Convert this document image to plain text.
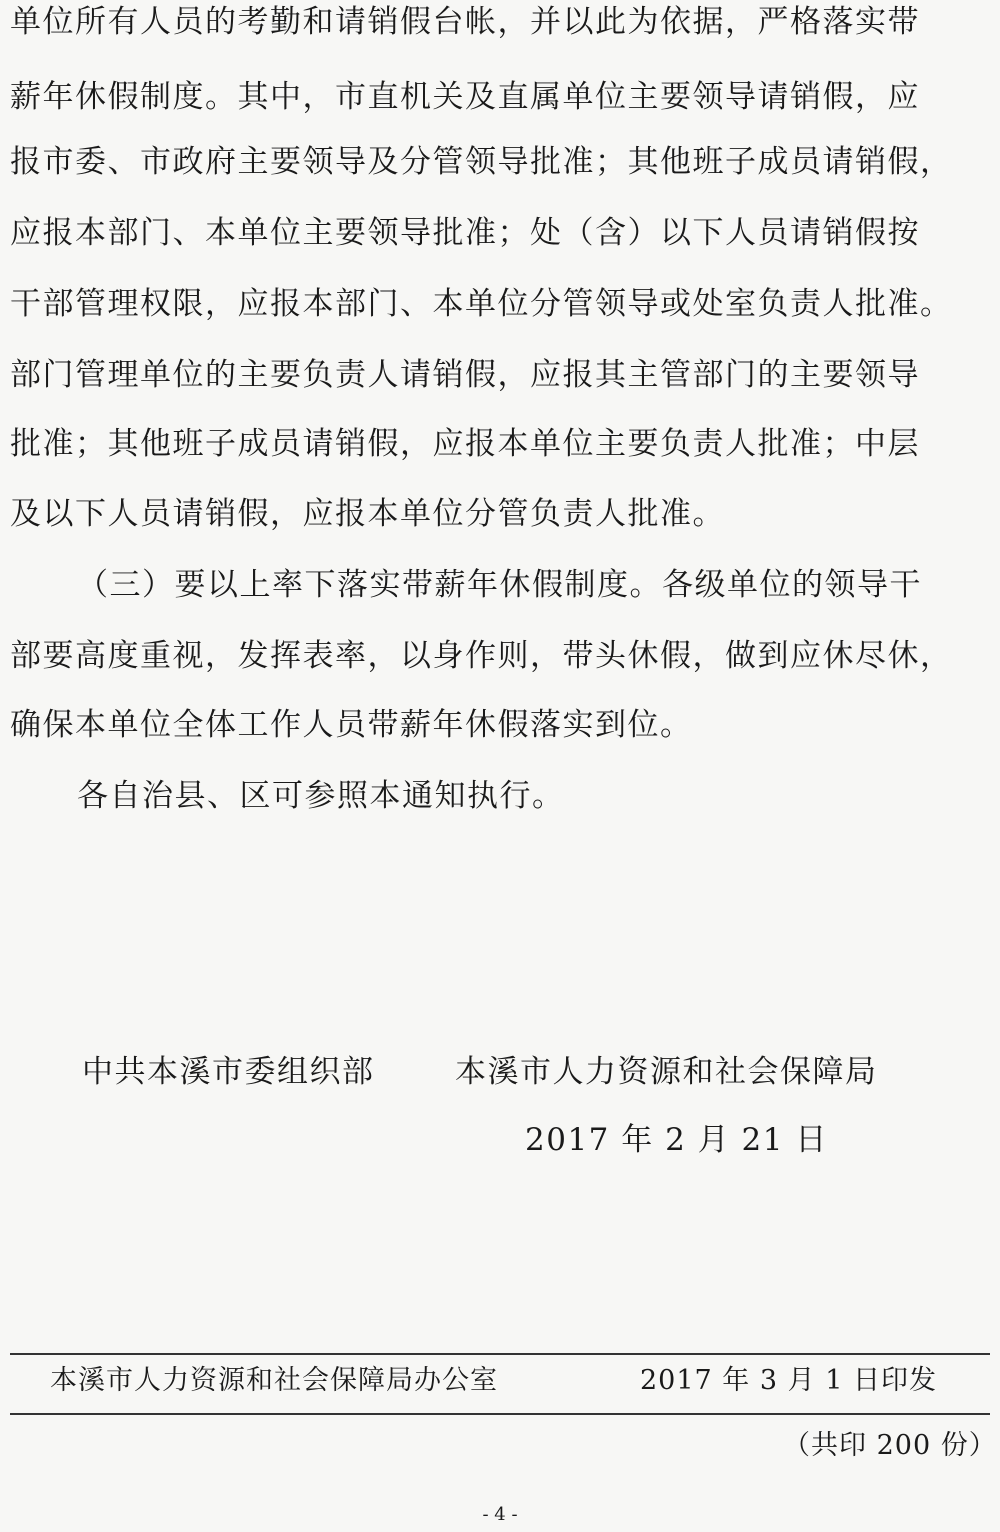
单位所有人员的考勤和请销假台帐，并以此为依据，严格落实带
薪年休假制度。其中，市直机关及直属单位主要领导请销假，应
报市委、市政府主要领导及分管领导批准；其他班子成员请销假，
应报本部门、本单位主要领导批准；处（含）以下人员请销假按
干部管理权限，应报本部门、本单位分管领导或处室负责人批准。
部门管理单位的主要负责人请销假，应报其主管部门的主要领导
批准；其他班子成员请销假，应报本单位主要负责人批准；中层
及以下人员请销假，应报本单位分管负责人批准。
（三）要以上率下落实带薪年休假制度。各级单位的领导干
部要高度重视，发挥表率，以身作则，带头休假，做到应休尽休，
确保本单位全体工作人员带薪年休假落实到位。
各自治县、区可参照本通知执行。
中共本溪市委组织部	本溪市人力资源和社会保障局
2017 年 2 月 21 日
本溪市人力资源和社会保障局办公室	2017 年 3 月 1 日印发
（共印 200 份）
- 4 -
